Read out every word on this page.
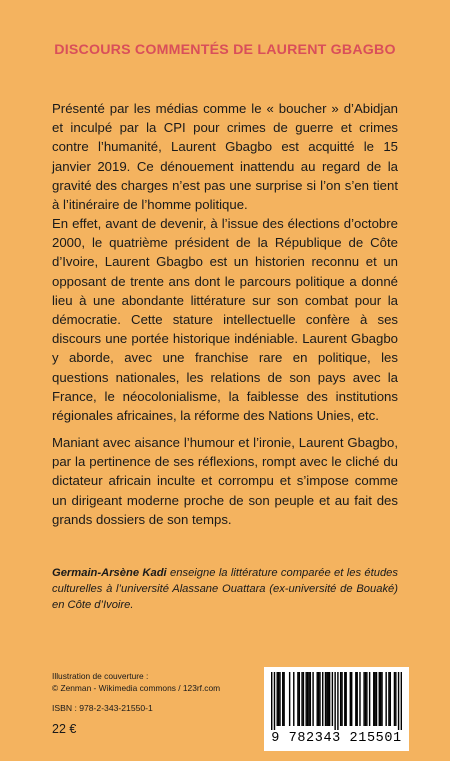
DISCOURS COMMENTÉS DE LAURENT GBAGBO

Présenté par les médias comme le « boucher » d’Abidjan et inculpé par la CPI pour crimes de guerre et crimes contre l’humanité, Laurent Gbagbo est acquitté le 15 janvier 2019. Ce dénouement inattendu au regard de la gravité des charges n’est pas une surprise si l’on s’en tient à l’itinéraire de l’homme politique.

En effet, avant de devenir, à l’issue des élections d’octobre 2000, le quatrième président de la République de Côte d’Ivoire, Laurent Gbagbo est un historien reconnu et un opposant de trente ans dont le parcours politique a donné lieu à une abondante littérature sur son combat pour la démocratie. Cette stature intellectuelle confère à ses discours une portée historique indéniable. Laurent Gbagbo y aborde, avec une franchise rare en politique, les questions nationales, les relations de son pays avec la France, le néocolonialisme, la faiblesse des institutions régionales africaines, la réforme des Nations Unies, etc.

Maniant avec aisance l’humour et l’ironie, Laurent Gbagbo, par la pertinence de ses réflexions, rompt avec le cliché du dictateur africain inculte et corrompu et s’impose comme un dirigeant moderne proche de son peuple et au fait des grands dossiers de son temps.

Germain-Arsène Kadi enseigne la littérature comparée et les études culturelles à l’université Alassane Ouattara (ex-université de Bouaké) en Côte d’Ivoire.

Illustration de couverture :
© Zenman - Wikimedia commons / 123rf.com
ISBN : 978-2-343-21550-1
22 €
9 782343 215501
